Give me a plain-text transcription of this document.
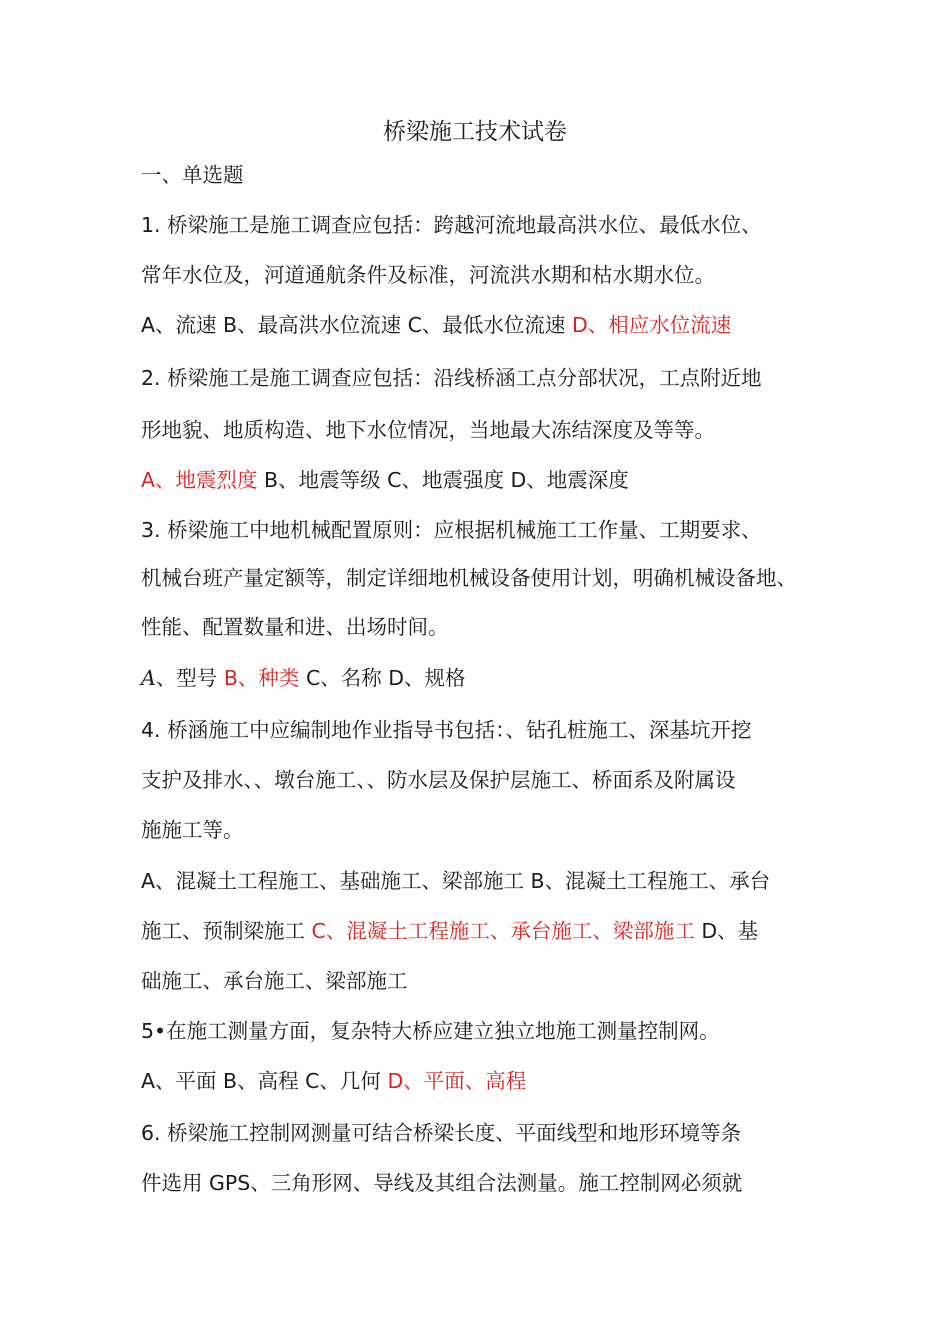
桥梁施工技术试卷
一、单选题
1. 桥梁施工是施工调查应包括：跨越河流地最高洪水位、最低水位、
常年水位及，河道通航条件及标准，河流洪水期和枯水期水位。
A、流速 B、最高洪水位流速 C、最低水位流速 D、相应水位流速
2. 桥梁施工是施工调查应包括：沿线桥涵工点分部状况，工点附近地
形地貌、地质构造、地下水位情况，当地最大冻结深度及等等。
A、地震烈度 B、地震等级 C、地震强度 D、地震深度
3. 桥梁施工中地机械配置原则：应根据机械施工工作量、工期要求、
机械台班产量定额等，制定详细地机械设备使用计划，明确机械设备地、
性能、配置数量和进、出场时间。
A、型号 B、种类 C、名称 D、规格
4. 桥涵施工中应编制地作业指导书包括：、钻孔桩施工、深基坑开挖
支护及排水、、墩台施工、、防水层及保护层施工、桥面系及附属设
施施工等。
A、混凝土工程施工、基础施工、梁部施工 B、混凝土工程施工、承台
施工、预制梁施工 C、混凝土工程施工、承台施工、梁部施工 D、基
础施工、承台施工、梁部施工
5•在施工测量方面，复杂特大桥应建立独立地施工测量控制网。
A、平面 B、高程 C、几何 D、平面、高程
6. 桥梁施工控制网测量可结合桥梁长度、平面线型和地形环境等条
件选用 GPS、三角形网、导线及其组合法测量。施工控制网必须就
